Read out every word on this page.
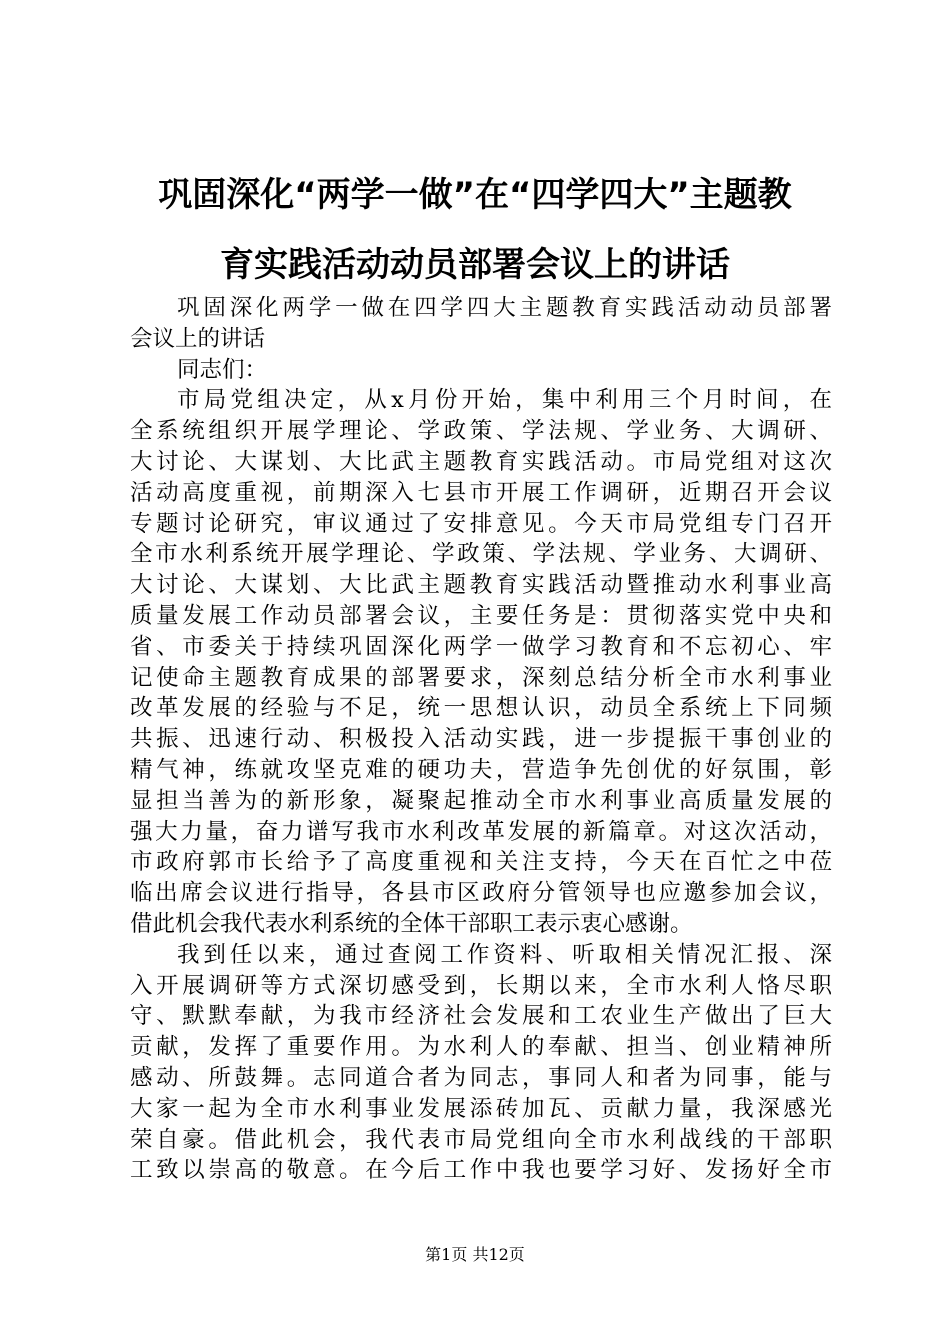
巩固深化“两学一做”在“四学四大”主题教
育实践活动动员部署会议上的讲话
巩固深化两学一做在四学四大主题教育实践活动动员部署
会议上的讲话
同志们：
市局党组决定，从x月份开始，集中利用三个月时间，在
全系统组织开展学理论、学政策、学法规、学业务、大调研、
大讨论、大谋划、大比武主题教育实践活动。市局党组对这次
活动高度重视，前期深入七县市开展工作调研，近期召开会议
专题讨论研究，审议通过了安排意见。今天市局党组专门召开
全市水利系统开展学理论、学政策、学法规、学业务、大调研、
大讨论、大谋划、大比武主题教育实践活动暨推动水利事业高
质量发展工作动员部署会议，主要任务是：贯彻落实党中央和
省、市委关于持续巩固深化两学一做学习教育和不忘初心、牢
记使命主题教育成果的部署要求，深刻总结分析全市水利事业
改革发展的经验与不足，统一思想认识，动员全系统上下同频
共振、迅速行动、积极投入活动实践，进一步提振干事创业的
精气神，练就攻坚克难的硬功夫，营造争先创优的好氛围，彰
显担当善为的新形象，凝聚起推动全市水利事业高质量发展的
强大力量，奋力谱写我市水利改革发展的新篇章。对这次活动，
市政府郭市长给予了高度重视和关注支持，今天在百忙之中莅
临出席会议进行指导，各县市区政府分管领导也应邀参加会议，
借此机会我代表水利系统的全体干部职工表示衷心感谢。
我到任以来，通过查阅工作资料、听取相关情况汇报、深
入开展调研等方式深切感受到，长期以来，全市水利人恪尽职
守、默默奉献，为我市经济社会发展和工农业生产做出了巨大
贡献，发挥了重要作用。为水利人的奉献、担当、创业精神所
感动、所鼓舞。志同道合者为同志，事同人和者为同事，能与
大家一起为全市水利事业发展添砖加瓦、贡献力量，我深感光
荣自豪。借此机会，我代表市局党组向全市水利战线的干部职
工致以崇高的敬意。在今后工作中我也要学习好、发扬好全市
第1页 共12页
